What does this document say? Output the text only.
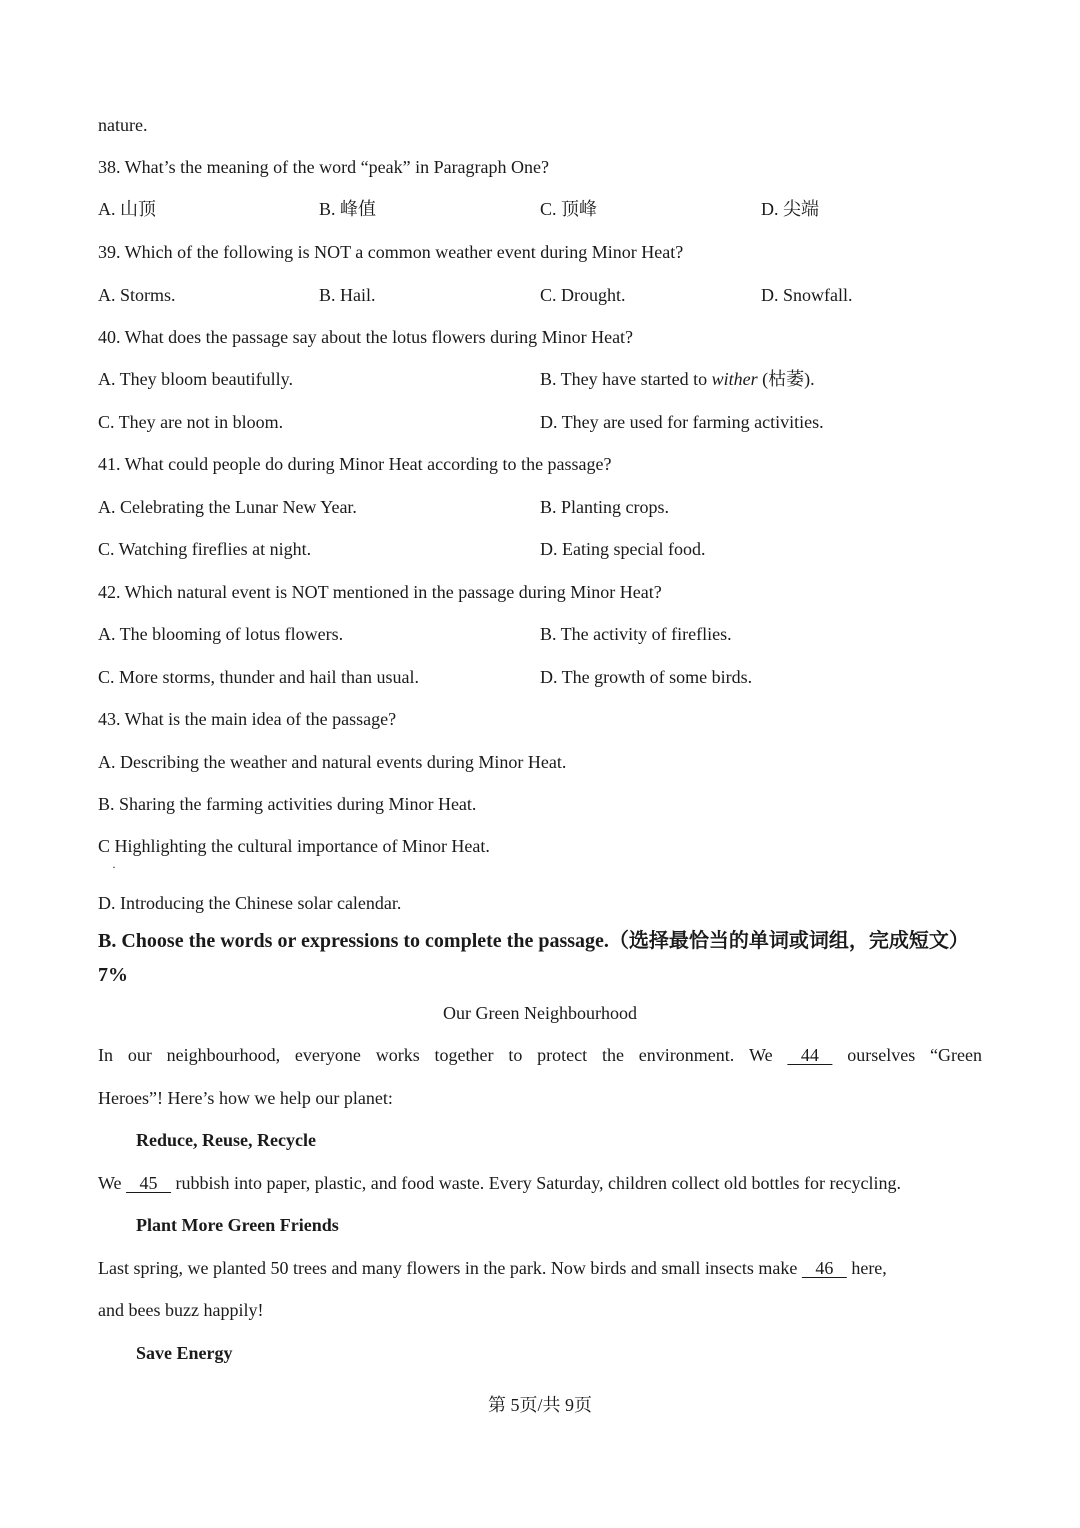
nature.
38. What’s the meaning of the word “peak” in Paragraph One?
A. 山顶	B. 峰值	C. 顶峰	D. 尖端
39. Which of the following is NOT a common weather event during Minor Heat?
A. Storms.	B. Hail.	C. Drought.	D. Snowfall.
40. What does the passage say about the lotus flowers during Minor Heat?
A. They bloom beautifully.	B. They have started to wither (枯萎).
C. They are not in bloom.	D. They are used for farming activities.
41. What could people do during Minor Heat according to the passage?
A. Celebrating the Lunar New Year.	B. Planting crops.
C. Watching fireflies at night.	D. Eating special food.
42. Which natural event is NOT mentioned in the passage during Minor Heat?
A. The blooming of lotus flowers.	B. The activity of fireflies.
C. More storms, thunder and hail than usual.	D. The growth of some birds.
43. What is the main idea of the passage?
A. Describing the weather and natural events during Minor Heat.
B. Sharing the farming activities during Minor Heat.
C Highlighting the cultural importance of Minor Heat.
·
D. Introducing the Chinese solar calendar.
B. Choose the words or expressions to complete the passage.（选择最恰当的单词或词组，完成短文）7%
Our Green Neighbourhood
In our neighbourhood, everyone works together to protect the environment. We 44 ourselves “Green
Heroes”! Here’s how we help our planet:
Reduce, Reuse, Recycle
We    45    rubbish into paper, plastic, and food waste. Every Saturday, children collect old bottles for recycling.
Plant More Green Friends
Last spring, we planted 50 trees and many flowers in the park. Now birds and small insects make    46    here,
and bees buzz happily!
Save Energy
第 5页/共 9页
